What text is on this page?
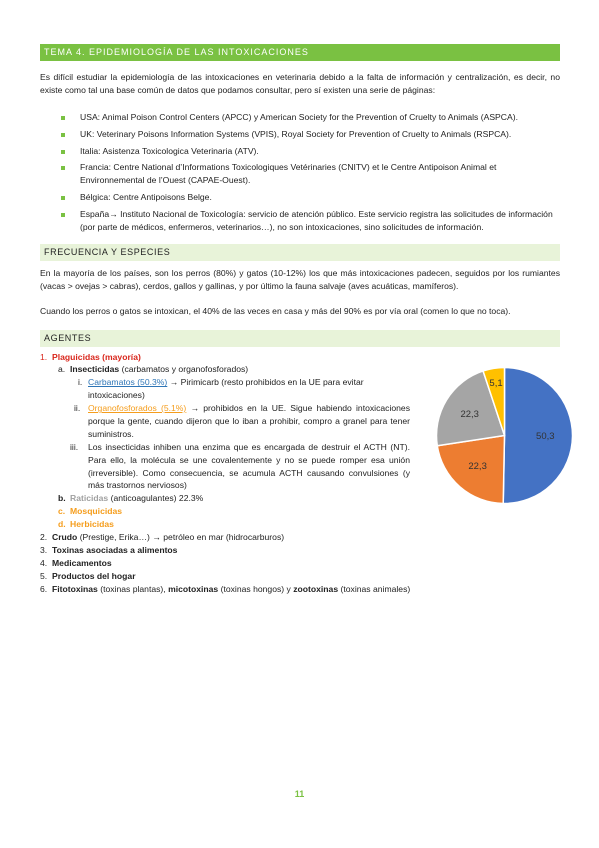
TEMA 4. EPIDEMIOLOGÍA DE LAS INTOXICACIONES

Es difícil estudiar la epidemiología de las intoxicaciones en veterinaria debido a la falta de información y centralización, es decir, no existe como tal una base común de datos que podamos consultar, pero sí existen una serie de páginas:

USA: Animal Poison Control Centers (APCC) y American Society for the Prevention of Cruelty to Animals (ASPCA).
UK: Veterinary Poisons Information Systems (VPIS), Royal Society for Prevention of Cruelty to Animals (RSPCA).
Italia: Asistenza Toxicologica Veterinaria (ATV).
Francia: Centre National d’Informations Toxicologiques Vetérinaries (CNITV) et le Centre Antipoison Animal et Environnemental de l’Ouest (CAPAE-Ouest).
Bélgica: Centre Antipoisons Belge.
España→ Instituto Nacional de Toxicología: servicio de atención público. Este servicio registra las solicitudes de información (por parte de médicos, enfermeros, veterinarios…), no son intoxicaciones, sino solicitudes de información.
FRECUENCIA Y ESPECIES

En la mayoría de los países, son los perros (80%) y gatos (10-12%) los que más intoxicaciones padecen, seguidos por los rumiantes (vacas > ovejas > cabras), cerdos, gallos y gallinas, y por último la fauna salvaje (aves acuáticas, mamíferos).

Cuando los perros o gatos se intoxican, el 40% de las veces en casa y más del 90% es por vía oral (comen lo que no toca).

AGENTES
1. Plaguicidas (mayoría)
a. Insecticidas (carbamatos y organofosforados)
i. Carbamatos (50.3%) → Pirimicarb (resto prohibidos en la UE para evitar intoxicaciones)
ii. Organofosforados (5.1%) → prohibidos en la UE. Sigue habiendo intoxicaciones porque la gente, cuando dijeron que lo iban a prohibir, compro a granel para tener suministros.
iii. Los insecticidas inhiben una enzima que es encargada de destruir el ACTH (NT). Para ello, la molécula se une covalentemente y no se puede romper esa unión (irreversible). Como consecuencia, se acumula ACTH causando convulsiones (y más trastornos nerviosos)
b. Raticidas (anticoagulantes) 22.3%
c. Mosquicidas
d. Herbicidas
2. Crudo (Prestige, Erika…) → petróleo en mar (hidrocarburos)
3. Toxinas asociadas a alimentos
4. Medicamentos
5. Productos del hogar
6. Fitotoxinas (toxinas plantas), micotoxinas (toxinas hongos) y zootoxinas (toxinas animales)
50,3
22,3
22,3
5,1
11
